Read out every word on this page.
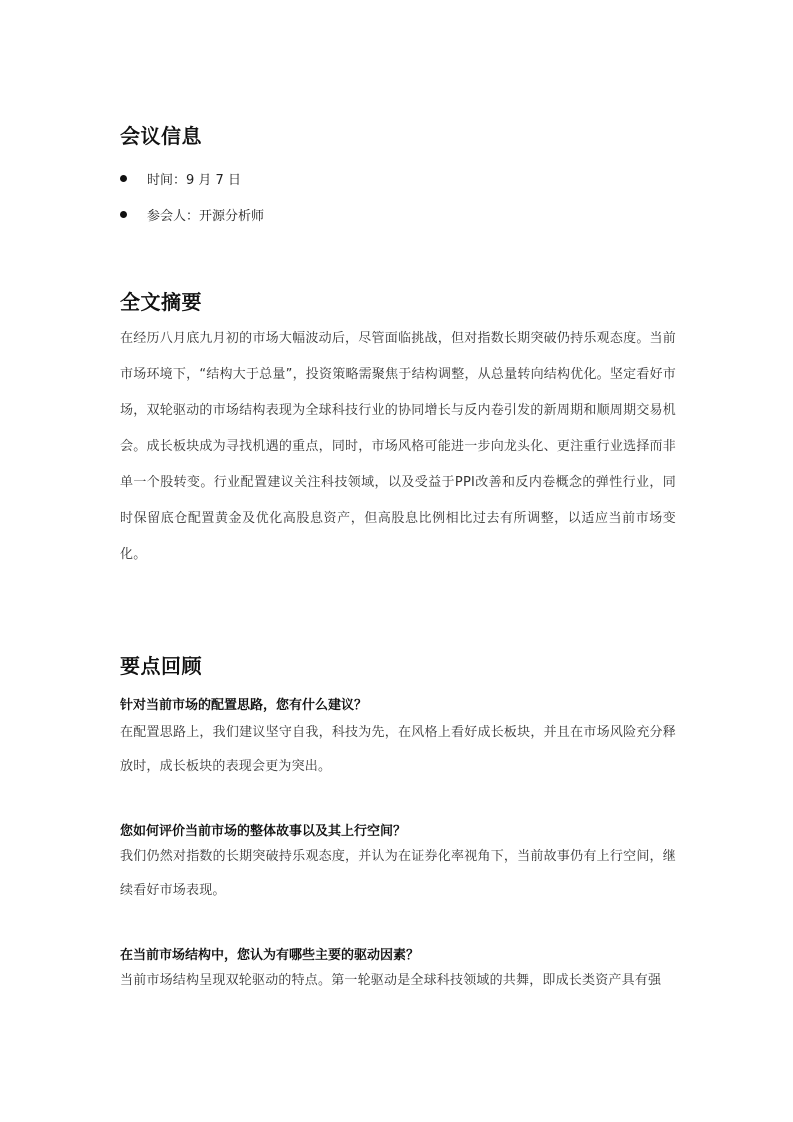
会议信息
时间：9 月 7 日
参会人：开源分析师
全文摘要

在经历八月底九月初的市场大幅波动后，尽管面临挑战，但对指数长期突破仍持乐观态度。当前市场环境下，“结构大于总量”，投资策略需聚焦于结构调整，从总量转向结构优化。坚定看好市场，双轮驱动的市场结构表现为全球科技行业的协同增长与反内卷引发的新周期和顺周期交易机会。成长板块成为寻找机遇的重点，同时，市场风格可能进一步向龙头化、更注重行业选择而非单一个股转变。行业配置建议关注科技领域，以及受益于PPI改善和反内卷概念的弹性行业，同时保留底仓配置黄金及优化高股息资产，但高股息比例相比过去有所调整，以适应当前市场变化。

要点回顾

针对当前市场的配置思路，您有什么建议？

在配置思路上，我们建议坚守自我，科技为先，在风格上看好成长板块，并且在市场风险充分释放时，成长板块的表现会更为突出。

您如何评价当前市场的整体故事以及其上行空间？

我们仍然对指数的长期突破持乐观态度，并认为在证券化率视角下，当前故事仍有上行空间，继续看好市场表现。

在当前市场结构中，您认为有哪些主要的驱动因素？

当前市场结构呈现双轮驱动的特点。第一轮驱动是全球科技领域的共舞，即成长类资产具有强
